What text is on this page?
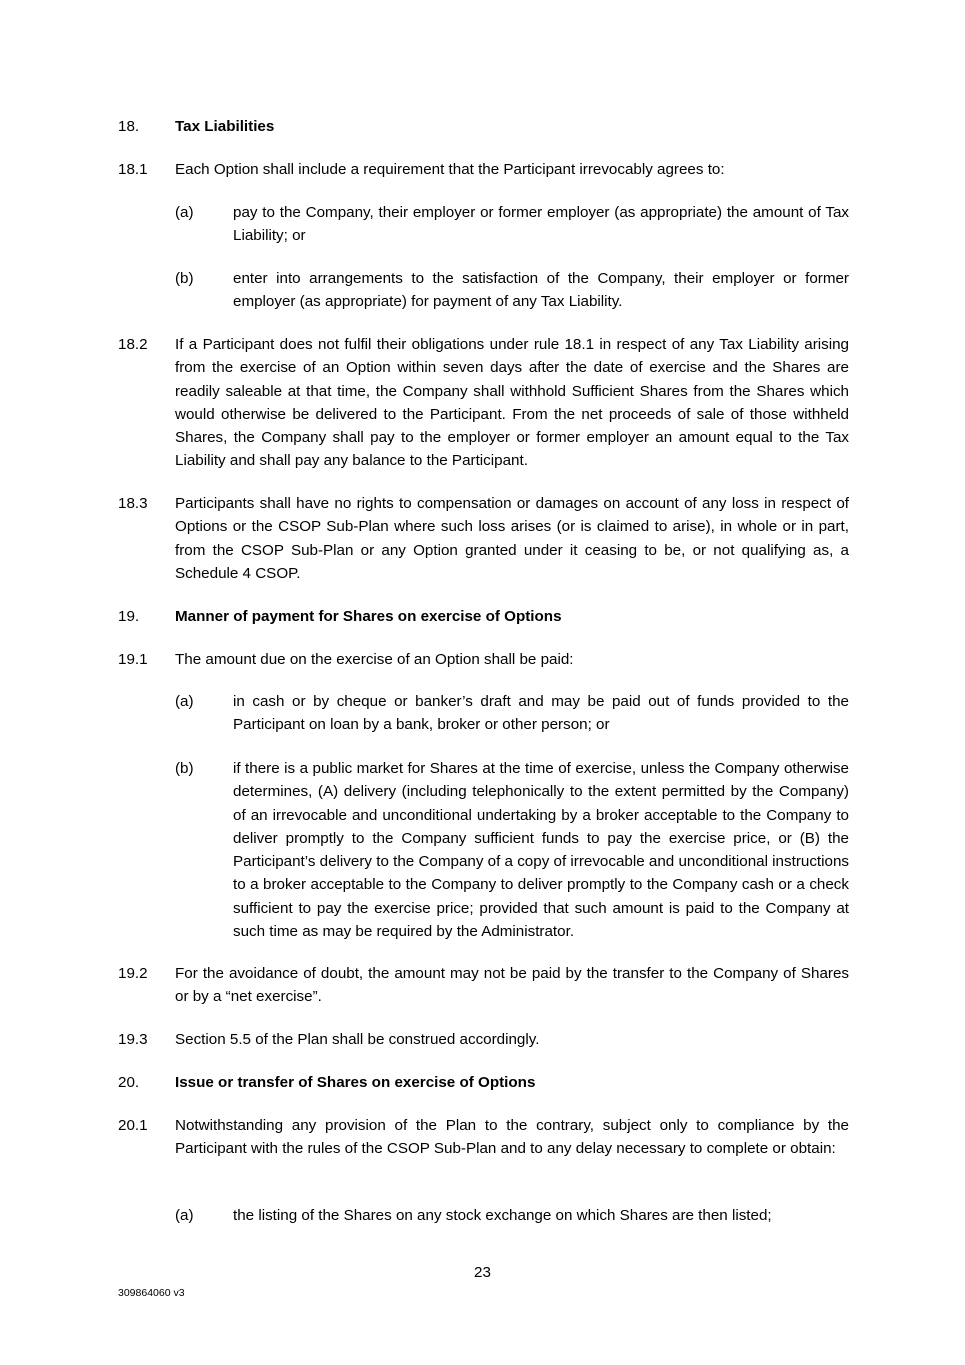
18.	Tax Liabilities
18.1	Each Option shall include a requirement that the Participant irrevocably agrees to:
(a)	pay to the Company, their employer or former employer (as appropriate) the amount of Tax Liability; or
(b)	enter into arrangements to the satisfaction of the Company, their employer or former employer (as appropriate) for payment of any Tax Liability.
18.2	If a Participant does not fulfil their obligations under rule 18.1 in respect of any Tax Liability arising from the exercise of an Option within seven days after the date of exercise and the Shares are readily saleable at that time, the Company shall withhold Sufficient Shares from the Shares which would otherwise be delivered to the Participant. From the net proceeds of sale of those withheld Shares, the Company shall pay to the employer or former employer an amount equal to the Tax Liability and shall pay any balance to the Participant.
18.3	Participants shall have no rights to compensation or damages on account of any loss in respect of Options or the CSOP Sub-Plan where such loss arises (or is claimed to arise), in whole or in part, from the CSOP Sub-Plan or any Option granted under it ceasing to be, or not qualifying as, a Schedule 4 CSOP.
19.	Manner of payment for Shares on exercise of Options
19.1	The amount due on the exercise of an Option shall be paid:
(a)	in cash or by cheque or banker’s draft and may be paid out of funds provided to the Participant on loan by a bank, broker or other person; or
(b)	if there is a public market for Shares at the time of exercise, unless the Company otherwise determines, (A) delivery (including telephonically to the extent permitted by the Company) of an irrevocable and unconditional undertaking by a broker acceptable to the Company to deliver promptly to the Company sufficient funds to pay the exercise price, or (B) the Participant’s delivery to the Company of a copy of irrevocable and unconditional instructions to a broker acceptable to the Company to deliver promptly to the Company cash or a check sufficient to pay the exercise price; provided that such amount is paid to the Company at such time as may be required by the Administrator.
19.2	For the avoidance of doubt, the amount may not be paid by the transfer to the Company of Shares or by a “net exercise”.
19.3	Section 5.5 of the Plan shall be construed accordingly.
20.	Issue or transfer of Shares on exercise of Options
20.1	Notwithstanding any provision of the Plan to the contrary, subject only to compliance by the Participant with the rules of the CSOP Sub-Plan and to any delay necessary to complete or obtain:
(a)	the listing of the Shares on any stock exchange on which Shares are then listed;
23
309864060 v3
